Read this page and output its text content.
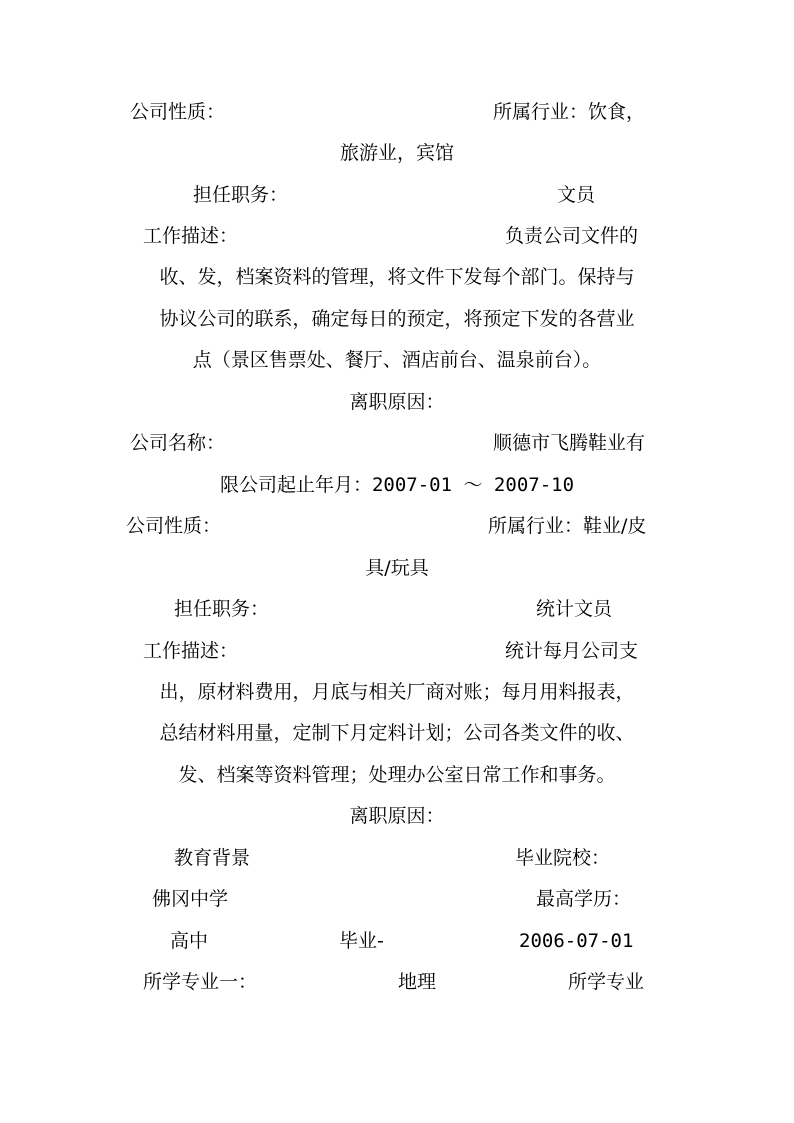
公司性质：	所属行业：饮食，
旅游业，宾馆
担任职务：	文员
工作描述：	负责公司文件的
收、发，档案资料的管理，将文件下发每个部门。保持与
协议公司的联系，确定每日的预定，将预定下发的各营业
点（景区售票处、餐厅、酒店前台、温泉前台）。
离职原因：
公司名称：	顺德市飞腾鞋业有
限公司起止年月：2007-01 ～ 2007-10
公司性质：	所属行业：鞋业/皮
具/玩具
担任职务：	统计文员
工作描述：	统计每月公司支
出，原材料费用，月底与相关厂商对账；每月用料报表，
总结材料用量，定制下月定料计划；公司各类文件的收、
发、档案等资料管理；处理办公室日常工作和事务。
离职原因：
教育背景	毕业院校：
佛冈中学	最高学历：
高中	毕业-	2006-07-01
所学专业一：	地理	所学专业
